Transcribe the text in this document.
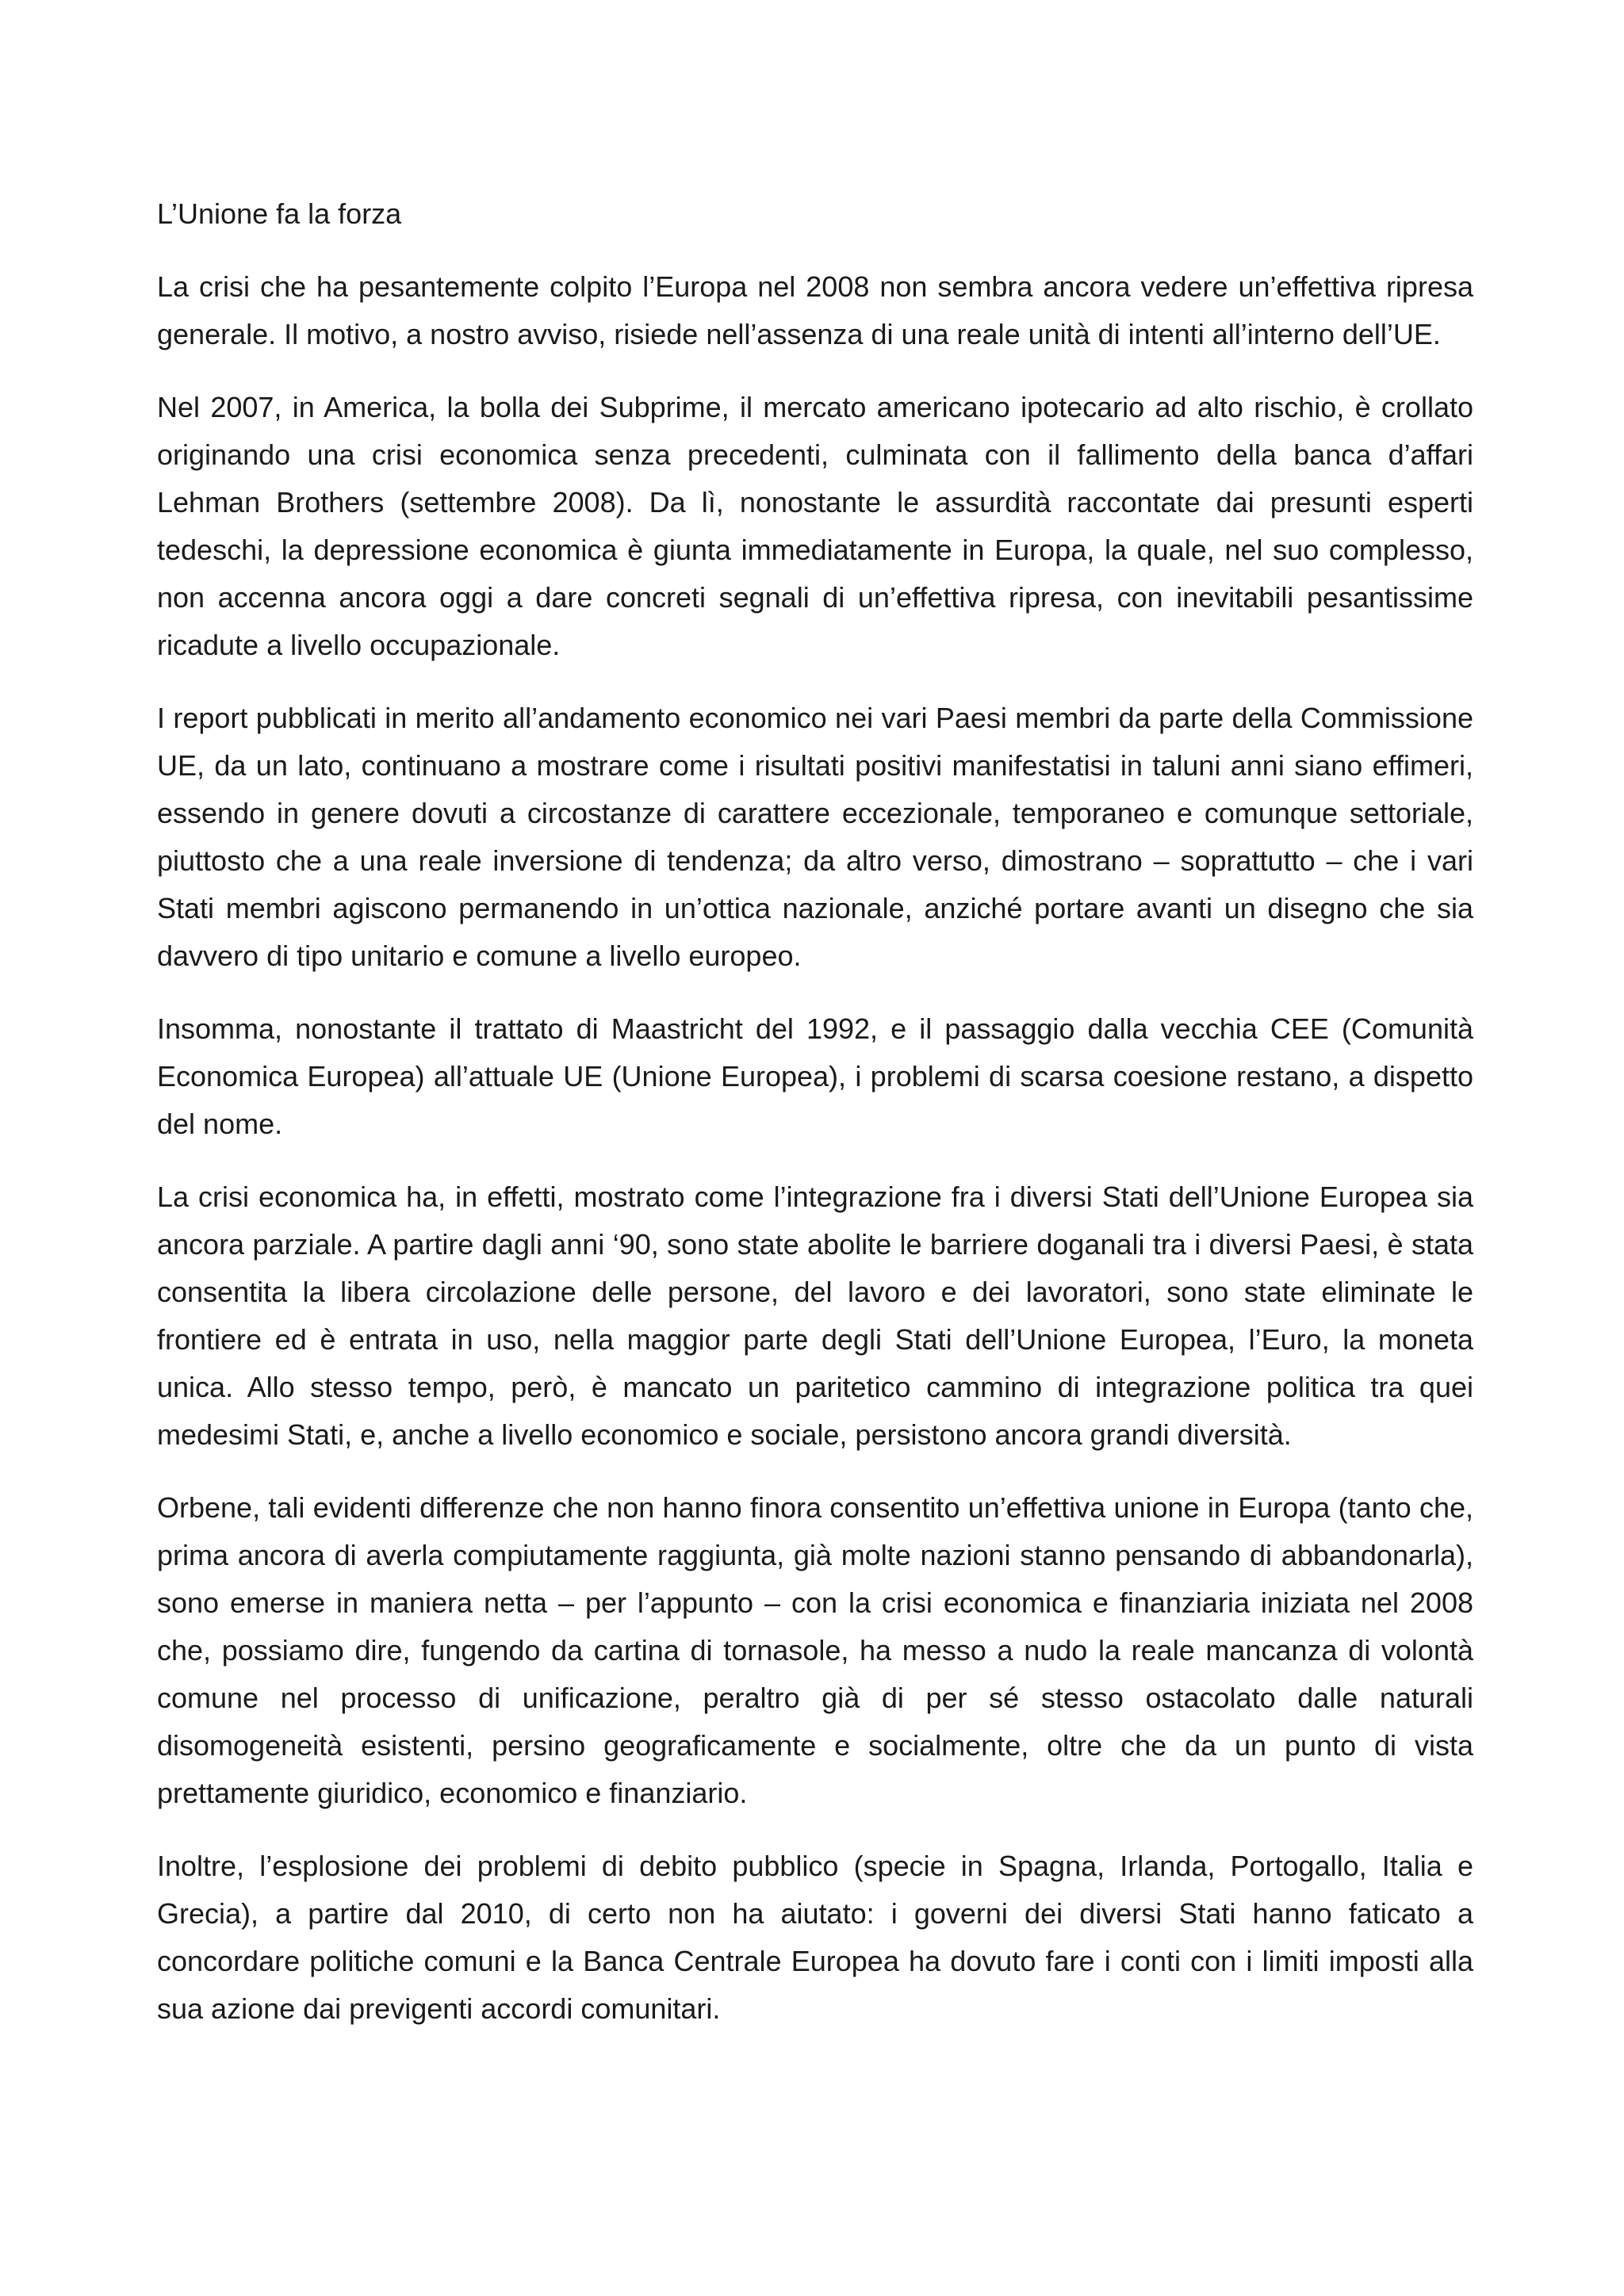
L’Unione fa la forza

La crisi che ha pesantemente colpito l’Europa nel 2008 non sembra ancora vedere un’effettiva ripresa generale. Il motivo, a nostro avviso, risiede nell’assenza di una reale unità di intenti all’interno dell’UE.

Nel 2007, in America, la bolla dei Subprime, il mercato americano ipotecario ad alto rischio, è crollato originando una crisi economica senza precedenti, culminata con il fallimento della banca d’affari Lehman Brothers (settembre 2008). Da lì, nonostante le assurdità raccontate dai presunti esperti tedeschi, la depressione economica è giunta immediatamente in Europa, la quale, nel suo complesso, non accenna ancora oggi a dare concreti segnali di un’effettiva ripresa, con inevitabili pesantissime ricadute a livello occupazionale.

I report pubblicati in merito all’andamento economico nei vari Paesi membri da parte della Commissione UE, da un lato, continuano a mostrare come i risultati positivi manifestatisi in taluni anni siano effimeri, essendo in genere dovuti a circostanze di carattere eccezionale, temporaneo e comunque settoriale, piuttosto che a una reale inversione di tendenza; da altro verso, dimostrano – soprattutto – che i vari Stati membri agiscono permanendo in un’ottica nazionale, anziché portare avanti un disegno che sia davvero di tipo unitario e comune a livello europeo.

Insomma, nonostante il trattato di Maastricht del 1992, e il passaggio dalla vecchia CEE (Comunità Economica Europea) all’attuale UE (Unione Europea), i problemi di scarsa coesione restano, a dispetto del nome.

La crisi economica ha, in effetti, mostrato come l’integrazione fra i diversi Stati dell’Unione Europea sia ancora parziale. A partire dagli anni ‘90, sono state abolite le barriere doganali tra i diversi Paesi, è stata consentita la libera circolazione delle persone, del lavoro e dei lavoratori, sono state eliminate le frontiere ed è entrata in uso, nella maggior parte degli Stati dell’Unione Europea, l’Euro, la moneta unica. Allo stesso tempo, però, è mancato un paritetico cammino di integrazione politica tra quei medesimi Stati, e, anche a livello economico e sociale, persistono ancora grandi diversità.

Orbene, tali evidenti differenze che non hanno finora consentito un’effettiva unione in Europa (tanto che, prima ancora di averla compiutamente raggiunta, già molte nazioni stanno pensando di abbandonarla), sono emerse in maniera netta – per l’appunto – con la crisi economica e finanziaria iniziata nel 2008 che, possiamo dire, fungendo da cartina di tornasole, ha messo a nudo la reale mancanza di volontà comune nel processo di unificazione, peraltro già di per sé stesso ostacolato dalle naturali disomogeneità esistenti, persino geograficamente e socialmente, oltre che da un punto di vista prettamente giuridico, economico e finanziario.

Inoltre, l’esplosione dei problemi di debito pubblico (specie in Spagna, Irlanda, Portogallo, Italia e Grecia), a partire dal 2010, di certo non ha aiutato: i governi dei diversi Stati hanno faticato a concordare politiche comuni e la Banca Centrale Europea ha dovuto fare i conti con i limiti imposti alla sua azione dai previgenti accordi comunitari.
